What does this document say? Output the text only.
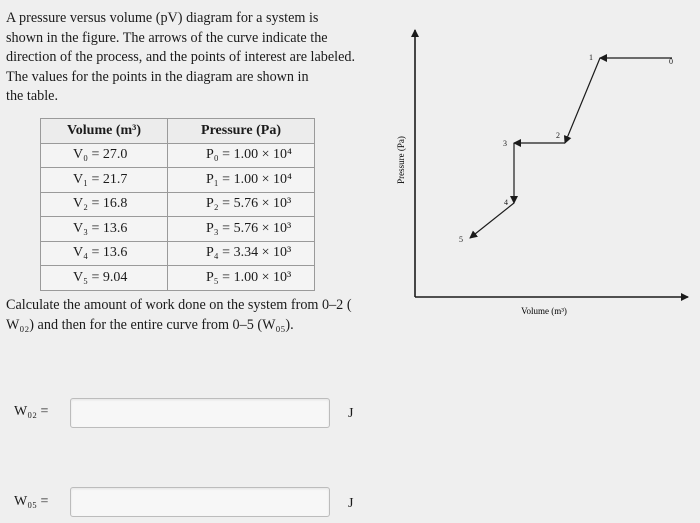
A pressure versus volume (pV) diagram for a system is

shown in the figure. The arrows of the curve indicate the

direction of the process, and the points of interest are labeled.

The values for the points in the diagram are shown in

the table.

Volume (m³)	Pressure (Pa)
V₀ = 27.0	P₀ = 1.00 × 10⁴
V₁ = 21.7	P₁ = 1.00 × 10⁴
V₂ = 16.8	P₂ = 5.76 × 10³
V₃ = 13.6	P₃ = 5.76 × 10³
V₄ = 13.6	P₄ = 3.34 × 10³
V₅ = 9.04	P₅ = 1.00 × 10³

Calculate the amount of work done on the system from 0–2 (

W₀₂) and then for the entire curve from 0–5 (W₀₅).

W₀₂ =	J
W₀₅ =	J
Pressure (Pa)
Volume (m³)
0
1
2
3
4
5
